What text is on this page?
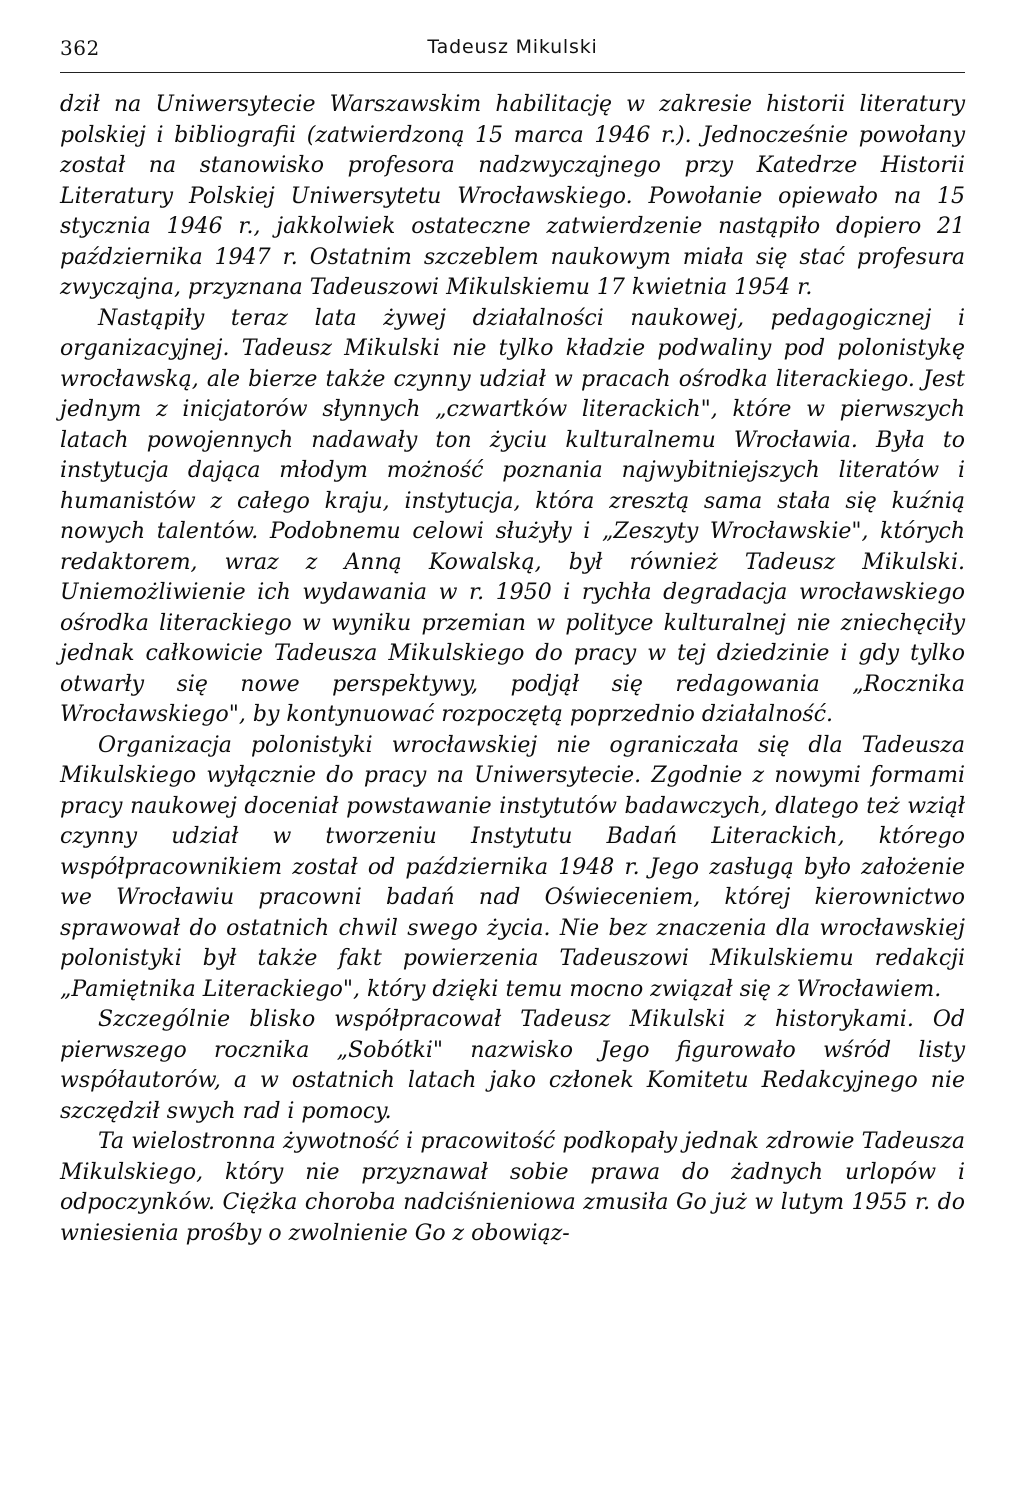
362	Tadeusz Mikulski

dził na Uniwersytecie Warszawskim habilitację w zakresie historii literatury polskiej i bibliografii (zatwierdzoną 15 marca 1946 r.). Jednocześnie powołany został na stanowisko profesora nadzwyczajnego przy Katedrze Historii Literatury Polskiej Uniwersytetu Wrocławskiego. Powołanie opiewało na 15 stycznia 1946 r., jakkolwiek ostateczne zatwierdzenie nastąpiło dopiero 21 października 1947 r. Ostatnim szczeblem naukowym miała się stać profesura zwyczajna, przyznana Tadeuszowi Mikulskiemu 17 kwietnia 1954 r.

Nastąpiły teraz lata żywej działalności naukowej, pedagogicznej i organizacyjnej. Tadeusz Mikulski nie tylko kładzie podwaliny pod polonistykę wrocławską, ale bierze także czynny udział w pracach ośrodka literackiego. Jest jednym z inicjatorów słynnych „czwartków literackich", które w pierwszych latach powojennych nadawały ton życiu kulturalnemu Wrocławia. Była to instytucja dająca młodym możność poznania najwybitniejszych literatów i humanistów z całego kraju, instytucja, która zresztą sama stała się kuźnią nowych talentów. Podobnemu celowi służyły i „Zeszyty Wrocławskie", których redaktorem, wraz z Anną Kowalską, był również Tadeusz Mikulski. Uniemożliwienie ich wydawania w r. 1950 i rychła degradacja wrocławskiego ośrodka literackiego w wyniku przemian w polityce kulturalnej nie zniechęciły jednak całkowicie Tadeusza Mikulskiego do pracy w tej dziedzinie i gdy tylko otwarły się nowe perspektywy, podjął się redagowania „Rocznika Wrocławskiego", by kontynuować rozpoczętą poprzednio działalność.

Organizacja polonistyki wrocławskiej nie ograniczała się dla Tadeusza Mikulskiego wyłącznie do pracy na Uniwersytecie. Zgodnie z nowymi formami pracy naukowej doceniał powstawanie instytutów badawczych, dlatego też wziął czynny udział w tworzeniu Instytutu Badań Literackich, którego współpracownikiem został od października 1948 r. Jego zasługą było założenie we Wrocławiu pracowni badań nad Oświeceniem, której kierownictwo sprawował do ostatnich chwil swego życia. Nie bez znaczenia dla wrocławskiej polonistyki był także fakt powierzenia Tadeuszowi Mikulskiemu redakcji „Pamiętnika Literackiego", który dzięki temu mocno związał się z Wrocławiem.

Szczególnie blisko współpracował Tadeusz Mikulski z historykami. Od pierwszego rocznika „Sobótki" nazwisko Jego figurowało wśród listy współautorów, a w ostatnich latach jako członek Komitetu Redakcyjnego nie szczędził swych rad i pomocy.

Ta wielostronna żywotność i pracowitość podkopały jednak zdrowie Tadeusza Mikulskiego, który nie przyznawał sobie prawa do żadnych urlopów i odpoczynków. Ciężka choroba nadciśnieniowa zmusiła Go już w lutym 1955 r. do wniesienia prośby o zwolnienie Go z obowiąz-
